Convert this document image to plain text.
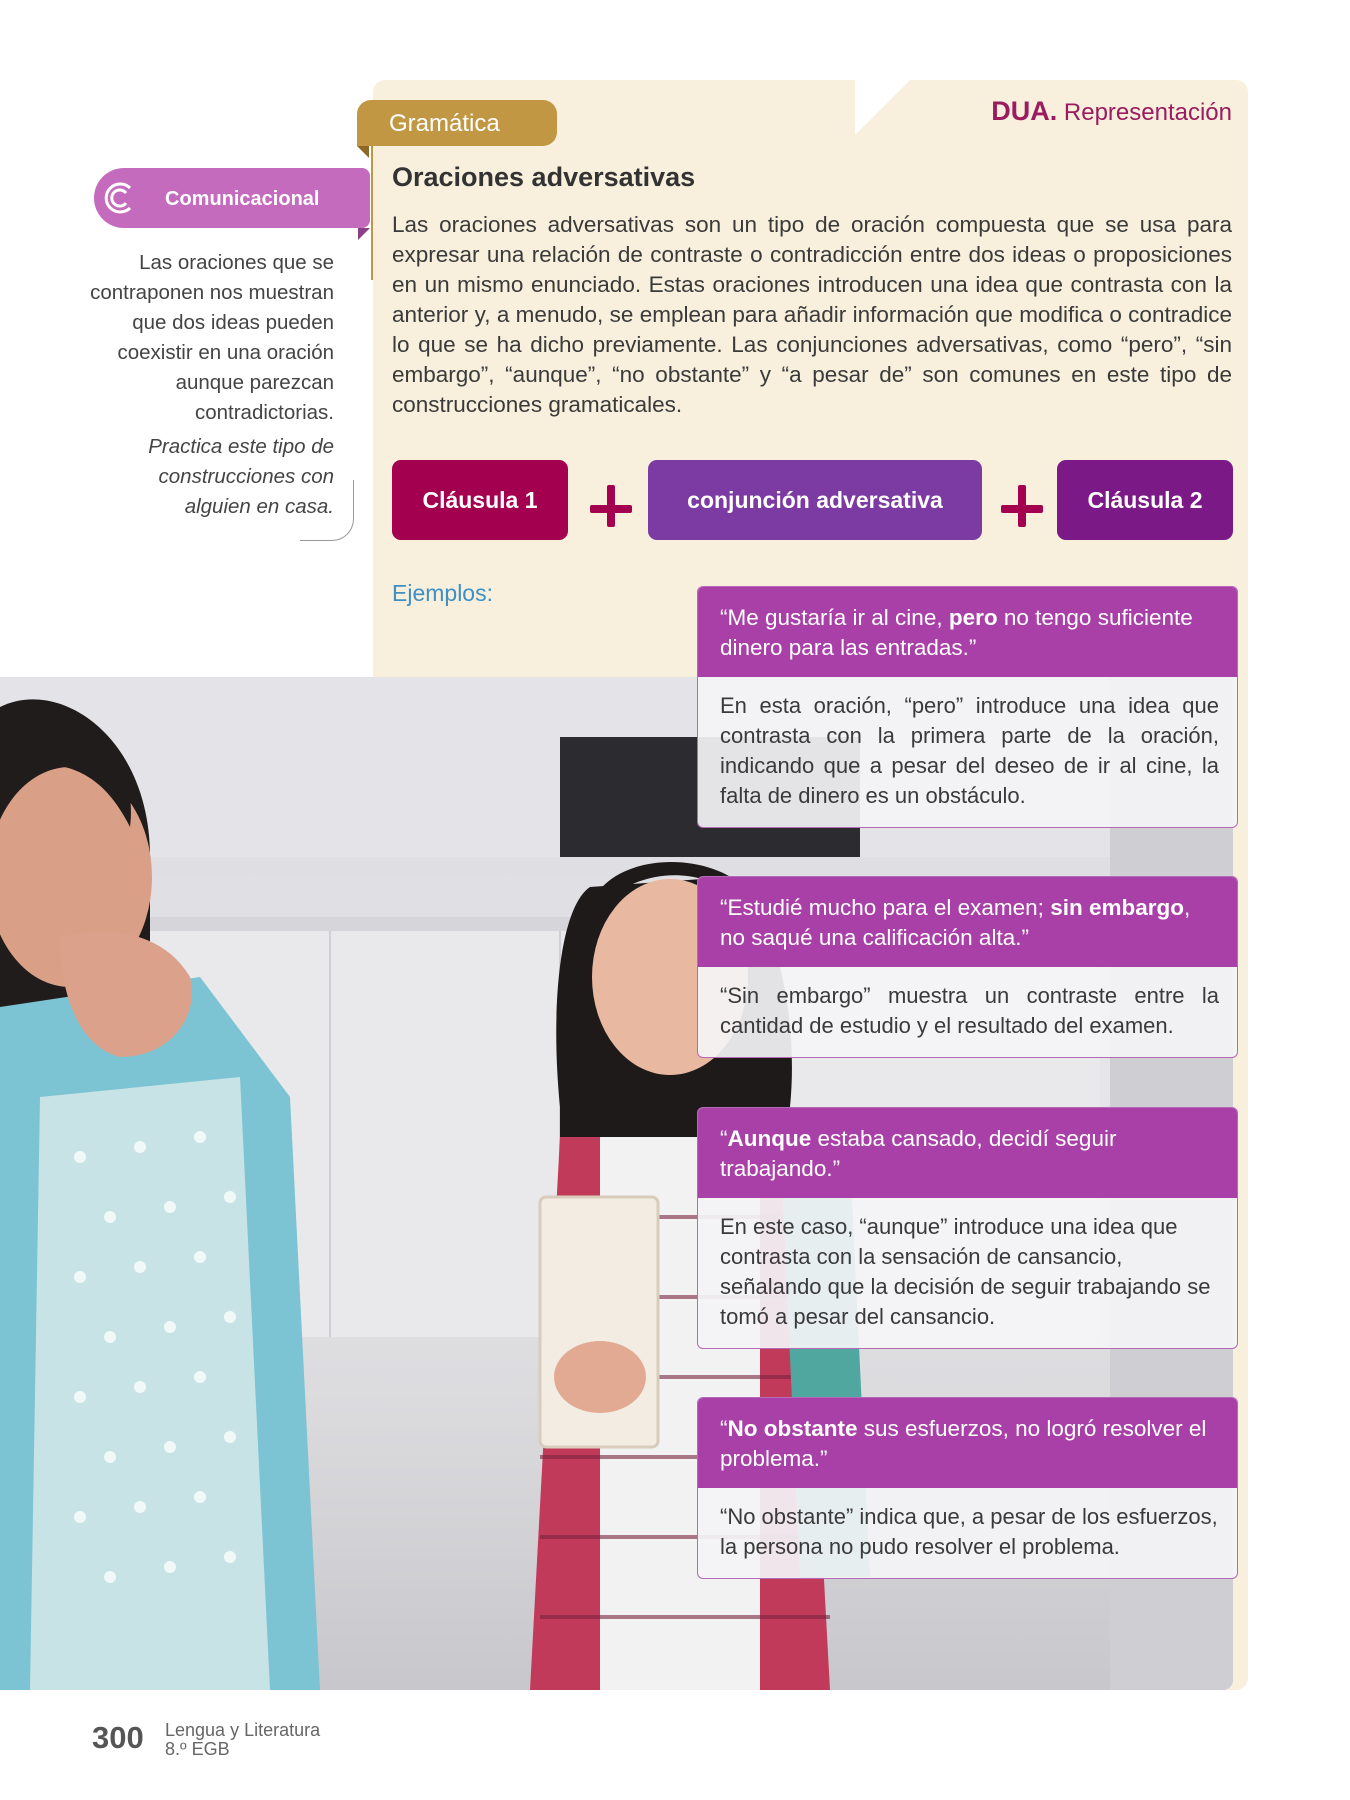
DUA. Representación
Gramática
Oraciones adversativas

Las oraciones adversativas son un tipo de oración compuesta que se usa para expresar una relación de contraste o contradicción entre dos ideas o proposiciones en un mismo enunciado. Estas oraciones introducen una idea que contrasta con la anterior y, a menudo, se emplean para añadir información que modifica o contradice lo que se ha dicho previamente. Las conjunciones adversativas, como “pero”, “sin embargo”, “aunque”, “no obstante” y “a pesar de” son comunes en este tipo de construcciones gramaticales.

Cláusula 1	conjunción adversativa	Cláusula 2
Ejemplos:
Comunicacional

Las oraciones que se contraponen nos muestran que dos ideas pueden coexistir en una oración aunque parezcan contradictorias.

Practica este tipo de construcciones con alguien en casa.

“Me gustaría ir al cine, pero no tengo suficiente dinero para las entradas.”
En esta oración, “pero” introduce una idea que contrasta con la primera parte de la oración, indicando que a pesar del deseo de ir al cine, la falta de dinero es un obstáculo.
“Estudié mucho para el examen; sin embargo, no saqué una calificación alta.”
“Sin embargo” muestra un contraste entre la cantidad de estudio y el resultado del examen.
“Aunque estaba cansado, decidí seguir trabajando.”
En este caso, “aunque” introduce una idea que contrasta con la sensación de cansancio, señalando que la decisión de seguir trabajando se tomó a pesar del cansancio.
“No obstante sus esfuerzos, no logró resolver el problema.”
“No obstante” indica que, a pesar de los esfuerzos, la persona no pudo resolver el problema.
300 Lengua y Literatura
8.º EGB
